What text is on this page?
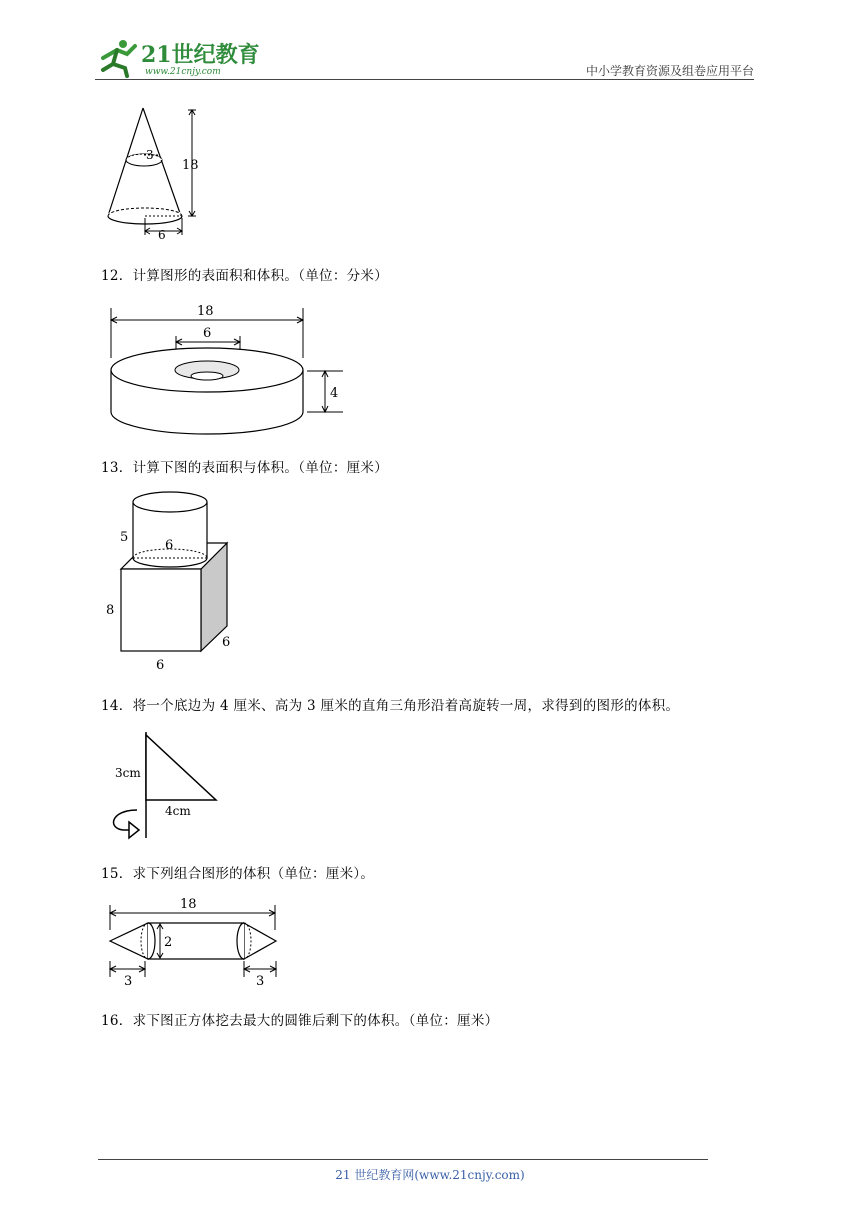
21世纪教育
www.21cnjy.com	中小学教育资源及组卷应用平台
3
18
6
12．计算图形的表面积和体积。（单位：分米）
18
6
4
13．计算下图的表面积与体积。（单位：厘米）
5
6
8
6
6
14．将一个底边为 4 厘米、高为 3 厘米的直角三角形沿着高旋转一周，求得到的图形的体积。
3cm
4cm
15．求下列组合图形的体积（单位：厘米）。
18
2
3	3
16．求下图正方体挖去最大的圆锥后剩下的体积。（单位：厘米）
21 世纪教育网(www.21cnjy.com)
